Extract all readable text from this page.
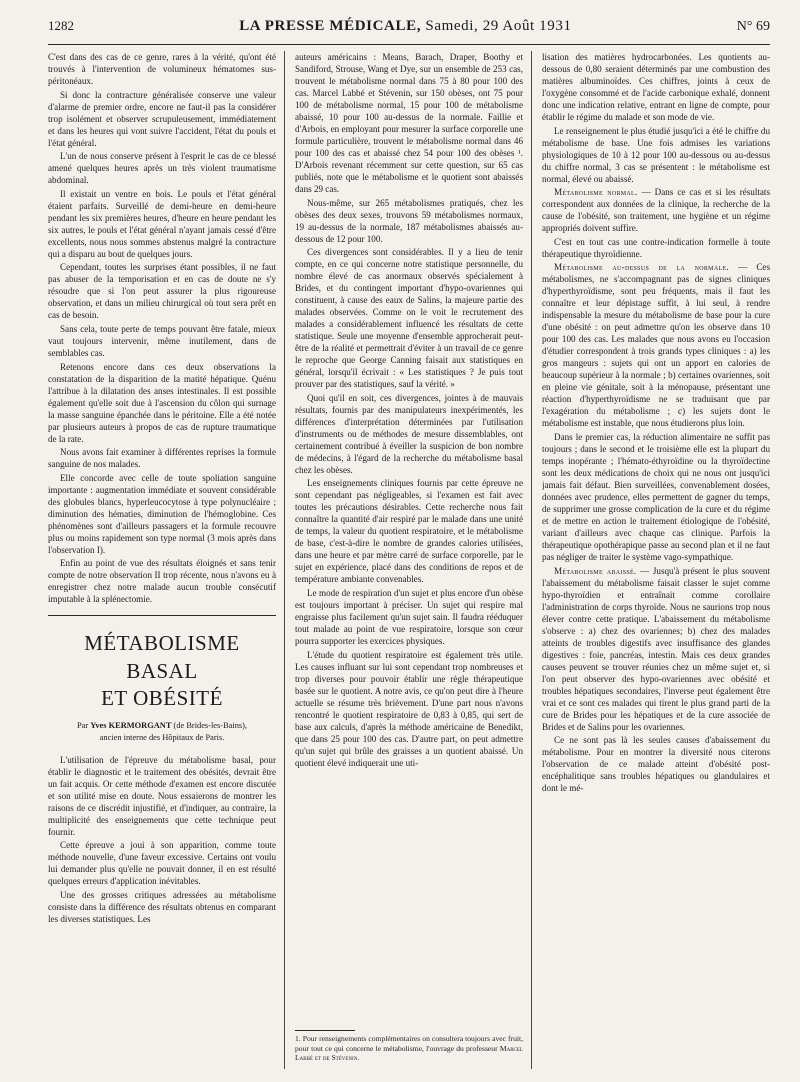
1282	LA PRESSE MÉDICALE, Samedi, 29 Août 1931	N° 69

C'est dans des cas de ce genre, rares à la vérité, qu'ont été trouvés à l'intervention de volumineux hématomes sus-péritonéaux.

Si donc la contracture généralisée conserve une valeur d'alarme de premier ordre, encore ne faut-il pas la considérer trop isolément et observer scrupuleusement, immédiatement et dans les heures qui vont suivre l'accident, l'état du pouls et l'état général.

L'un de nous conserve présent à l'esprit le cas de ce blessé amené quelques heures après un très violent traumatisme abdominal.

Il existait un ventre en bois. Le pouls et l'état général étaient parfaits. Surveillé de demi-heure en demi-heure pendant les six premières heures, d'heure en heure pendant les six autres, le pouls et l'état général n'ayant jamais cessé d'être excellents, nous nous sommes abstenus malgré la contracture qui a disparu au bout de quelques jours.

Cependant, toutes les surprises étant possibles, il ne faut pas abuser de la temporisation et en cas de doute ne s'y résoudre que si l'on peut assurer la plus rigoureuse observation, et dans un milieu chirurgical où tout sera prêt en cas de besoin.

Sans cela, toute perte de temps pouvant être fatale, mieux vaut toujours intervenir, même inutilement, dans de semblables cas.

Retenons encore dans ces deux observations la constatation de la disparition de la matité hépatique. Quénu l'attribue à la dilatation des anses intestinales. Il est possible également qu'elle soit due à l'ascension du côlon qui surnage la masse sanguine épanchée dans le péritoine. Elle a été notée par plusieurs auteurs à propos de cas de rupture traumatique de la rate.

Nous avons fait examiner à différentes reprises la formule sanguine de nos malades.

Elle concorde avec celle de toute spoliation sanguine importante : augmentation immédiate et souvent considérable des globules blancs, hyperleucocytose à type polynucléaire ; diminution des hématies, diminution de l'hémoglobine. Ces phénomènes sont d'ailleurs passagers et la formule recouvre plus ou moins rapidement son type normal (3 mois après dans l'observation I).

Enfin au point de vue des résultats éloignés et sans tenir compte de notre observation II trop récente, nous n'avons eu à enregistrer chez notre malade aucun trouble consécutif imputable à la splénectomie.

MÉTABOLISME BASAL
ET OBÉSITÉ
Par Yves KERMORGANT (de Brides-les-Bains),
ancien interne des Hôpitaux de Paris.

L'utilisation de l'épreuve du métabolisme basal, pour établir le diagnostic et le traitement des obésités, devrait être un fait acquis. Or cette méthode d'examen est encore discutée et son utilité mise en doute. Nous essaierons de montrer les raisons de ce discrédit injustifié, et d'indiquer, au contraire, la multiplicité des enseignements que cette technique peut fournir.

Cette épreuve a joui à son apparition, comme toute méthode nouvelle, d'une faveur excessive. Certains ont voulu lui demander plus qu'elle ne pouvait donner, il en est résulté quelques erreurs d'application inévitables.

Une des grosses critiques adressées au métabolisme consiste dans la différence des résultats obtenus en comparant les diverses statistiques. Les

auteurs américains : Means, Barach, Draper, Boothy et Sandiford, Strouse, Wang et Dye, sur un ensemble de 253 cas, trouvent le métabolisme normal dans 75 à 80 pour 100 des cas. Marcel Labbé et Stévenin, sur 150 obèses, ont 75 pour 100 de métabolisme normal, 15 pour 100 de métabolisme abaissé, 10 pour 100 au-dessus de la normale. Faillie et d'Arbois, en employant pour mesurer la surface corporelle une formule particulière, trouvent le métabolisme normal dans 46 pour 100 des cas et abaissé chez 54 pour 100 des obèses ¹. D'Arbois revenant récemment sur cette question, sur 65 cas publiés, note que le métabolisme et le quotient sont abaissés dans 29 cas.

Nous-même, sur 265 métabolismes pratiqués, chez les obèses des deux sexes, trouvons 59 métabolismes normaux, 19 au-dessus de la normale, 187 métabolismes abaissés au-dessous de 12 pour 100.

Ces divergences sont considérables. Il y a lieu de tenir compte, en ce qui concerne notre statistique personnelle, du nombre élevé de cas anormaux observés spécialement à Brides, et du contingent important d'hypo-ovariennes qui constituent, à cause des eaux de Salins, la majeure partie des malades observées. Comme on le voit le recrutement des malades a considérablement influencé les résultats de cette statistique. Seule une moyenne d'ensemble approcherait peut-être de la réalité et permettrait d'éviter à un travail de ce genre le reproche que George Canning faisait aux statistiques en général, lorsqu'il écrivait : « Les statistiques ? Je puis tout prouver par des statistiques, sauf la vérité. »

Quoi qu'il en soit, ces divergences, jointes à de mauvais résultats, fournis par des manipulateurs inexpérimentés, les différences d'interprétation déterminées par l'utilisation d'instruments ou de méthodes de mesure dissemblables, ont certainement contribué à éveiller la suspicion de bon nombre de médecins, à l'égard de la recherche du métabolisme basal chez les obèses.

Les enseignements cliniques fournis par cette épreuve ne sont cependant pas négligeables, si l'examen est fait avec toutes les précautions désirables. Cette recherche nous fait connaître la quantité d'air respiré par le malade dans une unité de temps, la valeur du quotient respiratoire, et le métabolisme de base, c'est-à-dire le nombre de grandes calories utilisées, dans une heure et par mètre carré de surface corporelle, par le sujet en expérience, placé dans des conditions de repos et de température ambiante convenables.

Le mode de respiration d'un sujet et plus encore d'un obèse est toujours important à préciser. Un sujet qui respire mal engraisse plus facilement qu'un sujet sain. Il faudra rééduquer tout malade au point de vue respiratoire, lorsque son cœur pourra supporter les exercices physiques.

L'étude du quotient respiratoire est également très utile. Les causes influant sur lui sont cependant trop nombreuses et trop diverses pour pouvoir établir une règle thérapeutique basée sur le quotient. A notre avis, ce qu'on peut dire à l'heure actuelle se résume très brièvement. D'une part nous n'avons rencontré le quotient respiratoire de 0,83 à 0,85, qui sert de base aux calculs, d'après la méthode américaine de Benedikt, que dans 25 pour 100 des cas. D'autre part, on peut admettre qu'un sujet qui brûle des graisses a un quotient abaissé. Un quotient élevé indiquerait une uti-

1. Pour renseignements complémentaires on consultera toujours avec fruit, pour tout ce qui concerne le métabolisme, l'ouvrage du professeur Marcel Labbé et de Stévenin.

lisation des matières hydrocarbonées. Les quotients au-dessous de 0,80 seraient déterminés par une combustion des matières albuminoïdes. Ces chiffres, joints à ceux de l'oxygène consommé et de l'acide carbonique exhalé, donnent donc une indication relative, entrant en ligne de compte, pour établir le régime du malade et son mode de vie.

Le renseignement le plus étudié jusqu'ici a été le chiffre du métabolisme de base. Une fois admises les variations physiologiques de 10 à 12 pour 100 au-dessous ou au-dessus du chiffre normal, 3 cas se présentent : le métabolisme est normal, élevé ou abaissé.

Métabolisme normal. — Dans ce cas et si les résultats correspondent aux données de la clinique, la recherche de la cause de l'obésité, son traitement, une hygiène et un régime appropriés doivent suffire.

C'est en tout cas une contre-indication formelle à toute thérapeutique thyroïdienne.

Métabolisme au-dessus de la normale. — Ces métabolismes, ne s'accompagnant pas de signes cliniques d'hyperthyroïdisme, sont peu fréquents, mais il faut les connaître et leur dépistage suffit, à lui seul, à rendre indispensable la mesure du métabolisme de base pour la cure d'une obésité : on peut admettre qu'on les observe dans 10 pour 100 des cas. Les malades que nous avons eu l'occasion d'étudier correspondent à trois grands types cliniques : a) les gros mangeurs : sujets qui ont un apport en calories de beaucoup supérieur à la normale ; b) certaines ovariennes, soit en pleine vie génitale, soit à la ménopause, présentant une réaction d'hyperthyroïdisme ne se traduisant que par l'exagération du métabolisme ; c) les sujets dont le métabolisme est instable, que nous étudierons plus loin.

Dans le premier cas, la réduction alimentaire ne suffit pas toujours ; dans le second et le troisième elle est la plupart du temps inopérante ; l'hémato-éthyroïdine ou la thyroïdectine sont les deux médications de choix qui ne nous ont jusqu'ici jamais fait défaut. Bien surveillées, convenablement dosées, données avec prudence, elles permettent de gagner du temps, de supprimer une grosse complication de la cure et du régime et de mettre en action le traitement étiologique de l'obésité, variant d'ailleurs avec chaque cas clinique. Parfois la thérapeutique opothérapique passe au second plan et il ne faut pas négliger de traiter le système vago-sympathique.

Métabolisme abaissé. — Jusqu'à présent le plus souvent l'abaissement du métabolisme faisait classer le sujet comme hypo-thyroïdien et entraînait comme corollaire l'administration de corps thyroïde. Nous ne saurions trop nous élever contre cette pratique. L'abaissement du métabolisme s'observe : a) chez des ovariennes; b) chez des malades atteints de troubles digestifs avec insuffisance des glandes digestives : foie, pancréas, intestin. Mais ces deux grandes causes peuvent se trouver réunies chez un même sujet et, si l'on peut observer des hypo-ovariennes avec obésité et troubles hépatiques secondaires, l'inverse peut également être vrai et ce sont ces malades qui tirent le plus grand parti de la cure de Brides pour les hépatiques et de la cure associée de Brides et de Salins pour les ovariennes.

Ce ne sont pas là les seules causes d'abaissement du métabolisme. Pour en montrer la diversité nous citerons l'observation de ce malade atteint d'obésité post-encéphalitique sans troubles hépatiques ou glandulaires et dont le mé-
